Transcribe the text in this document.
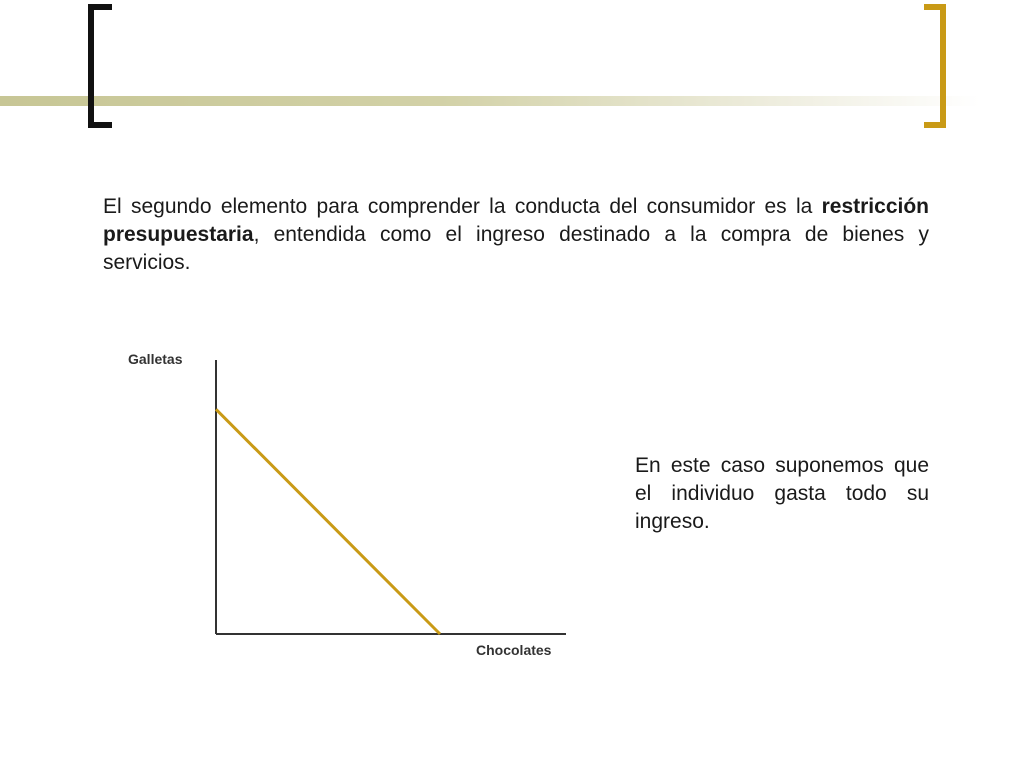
El segundo elemento para comprender la conducta del consumidor es la restricción presupuestaria, entendida como el ingreso destinado a la compra de bienes y servicios.
Galletas
Chocolates
En este caso suponemos que el individuo gasta todo su ingreso.
